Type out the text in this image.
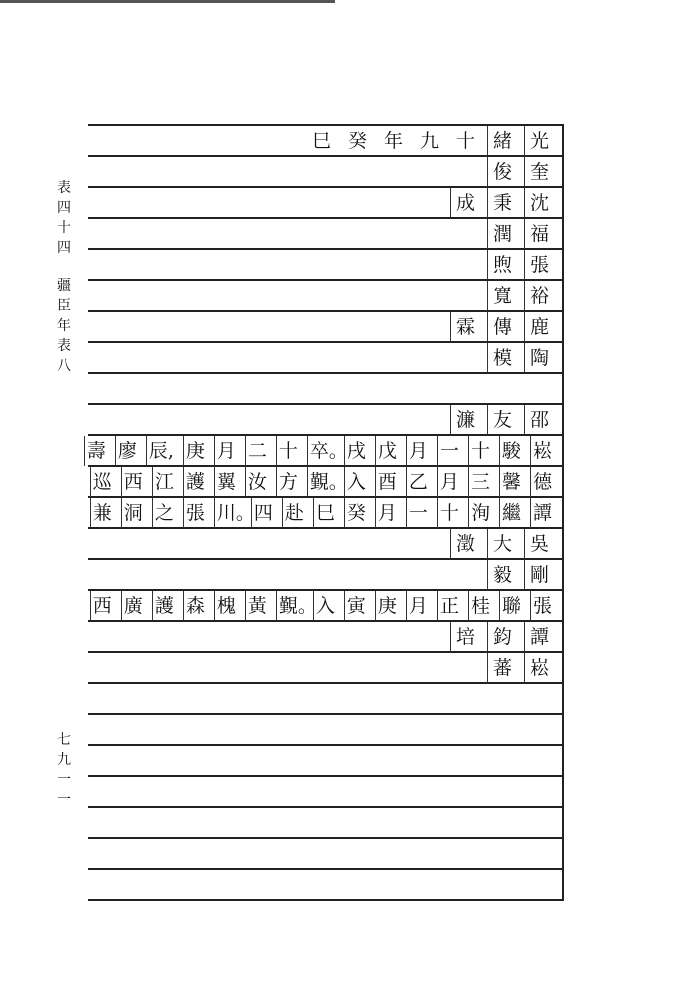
表
四
十
四
疆
臣
年
表
八
七
九
一
一
光
緒
十
九
年
癸
巳
奎
俊
沈
秉
成
福
潤
張
煦
裕
寬
鹿
傳
霖
陶
模
邵
友
濂
崧
駿
十
一
月
戊
戌
卒。
十
二
月
庚
辰,
廖
壽
德
馨
三
月
乙
酉
入
覲。
方
汝
翼
護
江
西
巡
譚
繼
洵
十
一
月
癸
巳
赴
四
川。
張
之
洞
兼
吳
大
澂
剛
毅
張
聯
桂
正
月
庚
寅
入
覲。
黃
槐
森
護
廣
西
譚
鈞
培
崧
蕃
